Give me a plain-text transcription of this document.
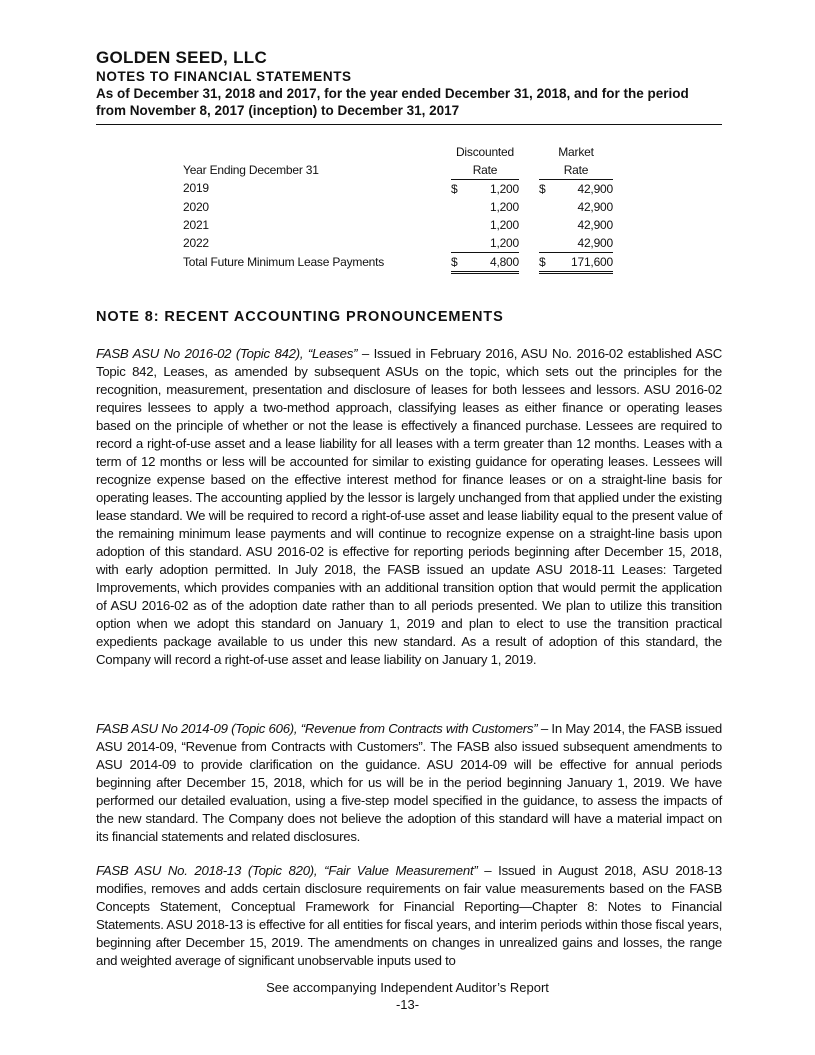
GOLDEN SEED, LLC
NOTES TO FINANCIAL STATEMENTS
As of December 31, 2018 and 2017, for the year ended December 31, 2018, and for the period from November 8, 2017 (inception) to December 31, 2017
	Discounted			Market	
Year Ending December 31	Rate			Rate	
2019	$	1,200		$	42,900
2020		1,200			42,900
2021		1,200			42,900
2022		1,200			42,900
Total Future Minimum Lease Payments	$	4,800		$	171,600
NOTE 8: RECENT ACCOUNTING PRONOUNCEMENTS
FASB ASU No 2016-02 (Topic 842), “Leases” – Issued in February 2016, ASU No. 2016-02 established ASC Topic 842, Leases, as amended by subsequent ASUs on the topic, which sets out the principles for the recognition, measurement, presentation and disclosure of leases for both lessees and lessors. ASU 2016-02 requires lessees to apply a two-method approach, classifying leases as either finance or operating leases based on the principle of whether or not the lease is effectively a financed purchase. Lessees are required to record a right-of-use asset and a lease liability for all leases with a term greater than 12 months. Leases with a term of 12 months or less will be accounted for similar to existing guidance for operating leases. Lessees will recognize expense based on the effective interest method for finance leases or on a straight-line basis for operating leases. The accounting applied by the lessor is largely unchanged from that applied under the existing lease standard. We will be required to record a right-of-use asset and lease liability equal to the present value of the remaining minimum lease payments and will continue to recognize expense on a straight-line basis upon adoption of this standard. ASU 2016-02 is effective for reporting periods beginning after December 15, 2018, with early adoption permitted. In July 2018, the FASB issued an update ASU 2018-11 Leases: Targeted Improvements, which provides companies with an additional transition option that would permit the application of ASU 2016-02 as of the adoption date rather than to all periods presented. We plan to utilize this transition option when we adopt this standard on January 1, 2019 and plan to elect to use the transition practical expedients package available to us under this new standard. As a result of adoption of this standard, the Company will record a right-of-use asset and lease liability on January 1, 2019.
FASB ASU No 2014-09 (Topic 606), “Revenue from Contracts with Customers” – In May 2014, the FASB issued ASU 2014-09, “Revenue from Contracts with Customers”. The FASB also issued subsequent amendments to ASU 2014-09 to provide clarification on the guidance. ASU 2014-09 will be effective for annual periods beginning after December 15, 2018, which for us will be in the period beginning January 1, 2019. We have performed our detailed evaluation, using a five-step model specified in the guidance, to assess the impacts of the new standard. The Company does not believe the adoption of this standard will have a material impact on its financial statements and related disclosures.
FASB ASU No. 2018-13 (Topic 820), “Fair Value Measurement” – Issued in August 2018, ASU 2018-13 modifies, removes and adds certain disclosure requirements on fair value measurements based on the FASB Concepts Statement, Conceptual Framework for Financial Reporting—Chapter 8: Notes to Financial Statements. ASU 2018-13 is effective for all entities for fiscal years, and interim periods within those fiscal years, beginning after December 15, 2019. The amendments on changes in unrealized gains and losses, the range and weighted average of significant unobservable inputs used to
See accompanying Independent Auditor’s Report
-13-
